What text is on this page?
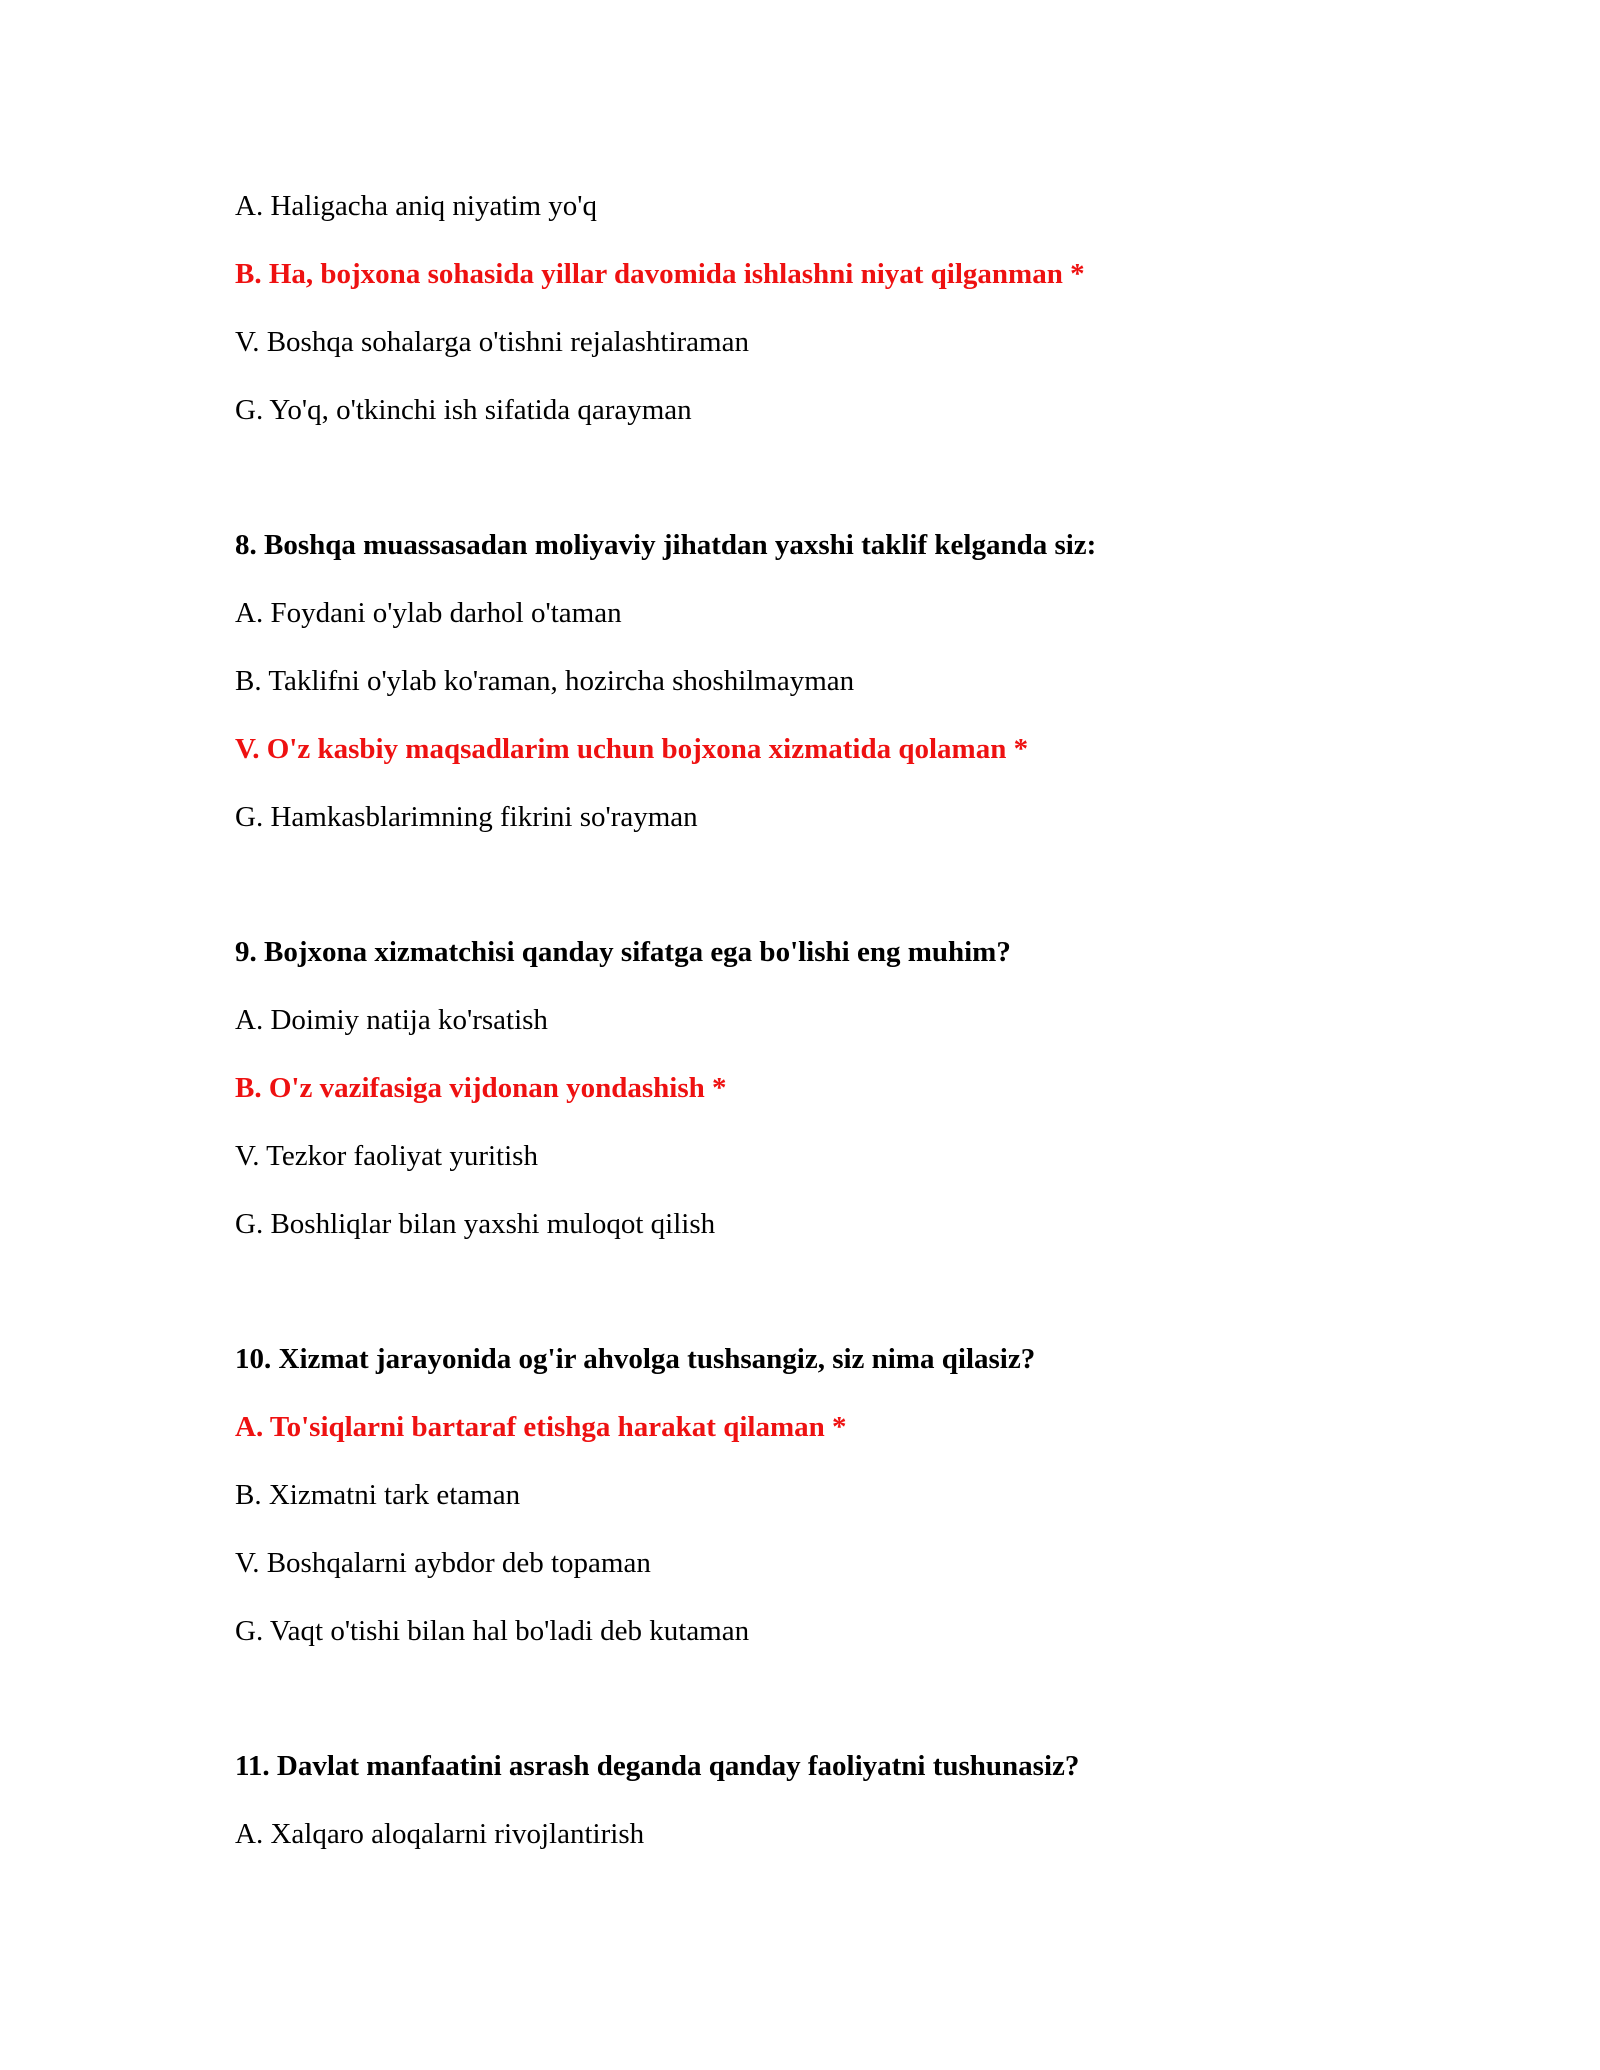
A. Haligacha aniq niyatim yo'q
B. Ha, bojxona sohasida yillar davomida ishlashni niyat qilganman *
V. Boshqa sohalarga o'tishni rejalashtiraman
G. Yo'q, o'tkinchi ish sifatida qarayman
8. Boshqa muassasadan moliyaviy jihatdan yaxshi taklif kelganda siz:
A. Foydani o'ylab darhol o'taman
B. Taklifni o'ylab ko'raman, hozircha shoshilmayman
V. O'z kasbiy maqsadlarim uchun bojxona xizmatida qolaman *
G. Hamkasblarimning fikrini so'rayman
9. Bojxona xizmatchisi qanday sifatga ega bo'lishi eng muhim?
A. Doimiy natija ko'rsatish
B. O'z vazifasiga vijdonan yondashish *
V. Tezkor faoliyat yuritish
G. Boshliqlar bilan yaxshi muloqot qilish
10. Xizmat jarayonida og'ir ahvolga tushsangiz, siz nima qilasiz?
A. To'siqlarni bartaraf etishga harakat qilaman *
B. Xizmatni tark etaman
V. Boshqalarni aybdor deb topaman
G. Vaqt o'tishi bilan hal bo'ladi deb kutaman
11. Davlat manfaatini asrash deganda qanday faoliyatni tushunasiz?
A. Xalqaro aloqalarni rivojlantirish
